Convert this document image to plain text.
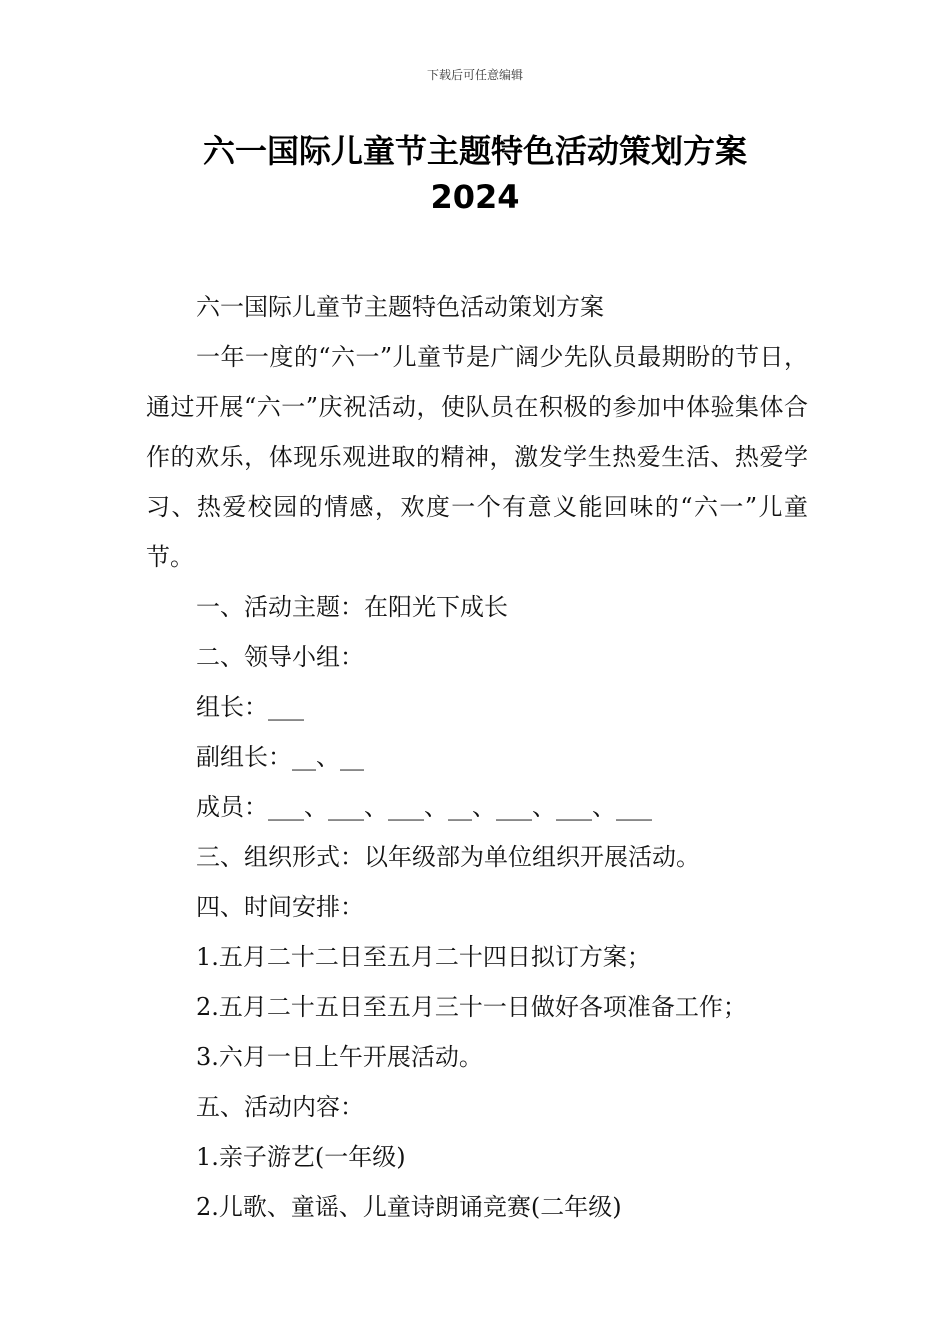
下载后可任意编辑
六一国际儿童节主题特色活动策划方案
2024

六一国际儿童节主题特色活动策划方案

一年一度的“六一”儿童节是广阔少先队员最期盼的节日，通过开展“六一”庆祝活动，使队员在积极的参加中体验集体合作的欢乐，体现乐观进取的精神，激发学生热爱生活、热爱学习、热爱校园的情感，欢度一个有意义能回味的“六一”儿童节。

一、活动主题：在阳光下成长

二、领导小组：

组长：___

副组长：__、__

成员：___、___、___、__、___、___、___

三、组织形式：以年级部为单位组织开展活动。

四、时间安排：

1.五月二十二日至五月二十四日拟订方案；

2.五月二十五日至五月三十一日做好各项准备工作；

3.六月一日上午开展活动。

五、活动内容：

1.亲子游艺(一年级)

2.儿歌、童谣、儿童诗朗诵竞赛(二年级)
